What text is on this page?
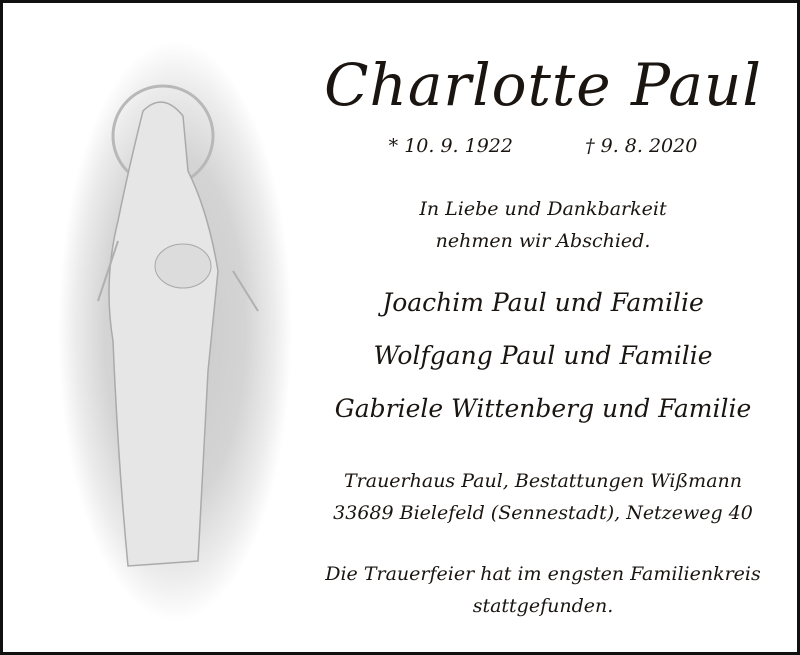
Charlotte Paul
* 10. 9. 1922	† 9. 8. 2020
In Liebe und Dankbarkeit
nehmen wir Abschied.
Joachim Paul und Familie
Wolfgang Paul und Familie
Gabriele Wittenberg und Familie
Trauerhaus Paul, Bestattungen Wißmann
33689 Bielefeld (Sennestadt), Netzeweg 40
Die Trauerfeier hat im engsten Familienkreis
stattgefunden.
